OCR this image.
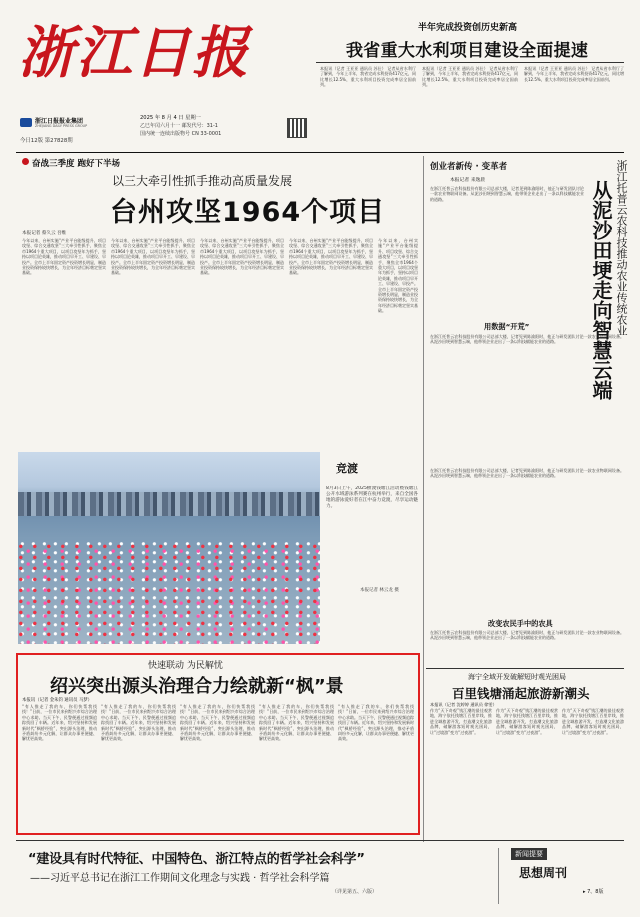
浙江日报
浙江日报报业集团
ZHEJIANG DAILY PRESS GROUP
2025 年 8 月 4 日 星期一
乙巳年闰六月十一 邮发代号：31-1
国内统一连续出版物号 CN 33-0001
今日12版 第27828期
半年完成投资创历史新高
我省重大水利项目建设全面提速
本报讯（记者 王亚亚 通讯员 苏仕） 记者从省水利厅了解到，今年上半年，我省完成水利投资417亿元，同比增长12.5%，重大水利项目投资完成率居全国前列。
本报讯（记者 王亚亚 通讯员 苏仕） 记者从省水利厅了解到，今年上半年，我省完成水利投资417亿元，同比增长12.5%，重大水利项目投资完成率居全国前列。
本报讯（记者 王亚亚 通讯员 苏仕） 记者从省水利厅了解到，今年上半年，我省完成水利投资417亿元，同比增长12.5%，重大水利项目投资完成率居全国前列。
奋战三季度 跑好下半场
以三大牵引性抓手推动高质量发展
台州攻坚1964个项目
本报记者 蔡久云 吾维
今年以来，台州实施“产业平台能级提升、项目攻坚、综合交通攻坚”三大牵引性抓手，聚焦全市1964个重大项目，以项目攻坚年为抓手，坚持以项目论英雄，推动项目早开工、早建设、早投产。全市上半年固定资产投资增长明显，制造业投资保持较快增长，为全年经济目标奠定坚实基础。
今年以来，台州实施“产业平台能级提升、项目攻坚、综合交通攻坚”三大牵引性抓手，聚焦全市1964个重大项目，以项目攻坚年为抓手，坚持以项目论英雄，推动项目早开工、早建设、早投产。全市上半年固定资产投资增长明显，制造业投资保持较快增长，为全年经济目标奠定坚实基础。
今年以来，台州实施“产业平台能级提升、项目攻坚、综合交通攻坚”三大牵引性抓手，聚焦全市1964个重大项目，以项目攻坚年为抓手，坚持以项目论英雄，推动项目早开工、早建设、早投产。全市上半年固定资产投资增长明显，制造业投资保持较快增长，为全年经济目标奠定坚实基础。
今年以来，台州实施“产业平台能级提升、项目攻坚、综合交通攻坚”三大牵引性抓手，聚焦全市1964个重大项目，以项目攻坚年为抓手，坚持以项目论英雄，推动项目早开工、早建设、早投产。全市上半年固定资产投资增长明显，制造业投资保持较快增长，为全年经济目标奠定坚实基础。
今年以来，台州实施“产业平台能级提升、项目攻坚、综合交通攻坚”三大牵引性抓手，聚焦全市1964个重大项目，以项目攻坚年为抓手，坚持以项目论英雄，推动项目早开工、早建设、早投产。全市上半年固定资产投资增长明显，制造业投资保持较快增长，为全年经济目标奠定坚实基础。
竞渡
8月3日上午，2025横渡钱塘江活动暨钱塘江公开水域游泳系列赛在杭州举行，来自全国各地的游泳爱好者在江中奋力竞渡，尽享运动魅力。
本报记者 林云龙 摄
快速联动 为民解忧
绍兴突出源头治理合力绘就新“枫”景
本报讯（记者 金朱钧 通讯员 马梦）
“有人推走了我的车，你们快帮我找找！”日前，一位市民来到绍兴市综合治理中心求助。当天下午，民警便通过视频追踪找回了车辆。近年来，绍兴坚持和发展新时代“枫桥经验”，突出源头治理，推动矛盾纠纷多元化解，让群众办事更便捷、解忧更高效。
“有人推走了我的车，你们快帮我找找！”日前，一位市民来到绍兴市综合治理中心求助。当天下午，民警便通过视频追踪找回了车辆。近年来，绍兴坚持和发展新时代“枫桥经验”，突出源头治理，推动矛盾纠纷多元化解，让群众办事更便捷、解忧更高效。
“有人推走了我的车，你们快帮我找找！”日前，一位市民来到绍兴市综合治理中心求助。当天下午，民警便通过视频追踪找回了车辆。近年来，绍兴坚持和发展新时代“枫桥经验”，突出源头治理，推动矛盾纠纷多元化解，让群众办事更便捷、解忧更高效。
“有人推走了我的车，你们快帮我找找！”日前，一位市民来到绍兴市综合治理中心求助。当天下午，民警便通过视频追踪找回了车辆。近年来，绍兴坚持和发展新时代“枫桥经验”，突出源头治理，推动矛盾纠纷多元化解，让群众办事更便捷、解忧更高效。
“有人推走了我的车，你们快帮我找找！”日前，一位市民来到绍兴市综合治理中心求助。当天下午，民警便通过视频追踪找回了车辆。近年来，绍兴坚持和发展新时代“枫桥经验”，突出源头治理，推动矛盾纠纷多元化解，让群众办事更便捷、解忧更高效。
创业者新传 · 变革者
本报记者 来逸晨	从泥沙田埂走向智慧云端 浙江托普云农科技推动农业传统农业
在浙江托普云农科技股份有限公司总部大楼，记者见到陈渝阳时，他正与研发团队讨论一款农业物联网设备。从泥沙田埂到智慧云端，他带领企业走出了一条以科技赋能农业的道路。
用数据“开荒”
在浙江托普云农科技股份有限公司总部大楼，记者见到陈渝阳时，他正与研发团队讨论一款农业物联网设备。从泥沙田埂到智慧云端，他带领企业走出了一条以科技赋能农业的道路。
在浙江托普云农科技股份有限公司总部大楼，记者见到陈渝阳时，他正与研发团队讨论一款农业物联网设备。从泥沙田埂到智慧云端，他带领企业走出了一条以科技赋能农业的道路。
改变农民手中的农具
在浙江托普云农科技股份有限公司总部大楼，记者见到陈渝阳时，他正与研发团队讨论一款农业物联网设备。从泥沙田埂到智慧云端，他带领企业走出了一条以科技赋能农业的道路。
海宁全域开发破解短时观光困局
百里钱塘涌起旅游新潮头
本报讯（记者 沈婷婷 通讯员 徐雯）
作为“天下奇观”钱江潮的最佳观赏地，海宁依托钱塘江百里岸线，推进全域旅游开发，打造潮文化旅游品牌，破解游客短时观光困局，让“过境游”变为“过夜游”。
作为“天下奇观”钱江潮的最佳观赏地，海宁依托钱塘江百里岸线，推进全域旅游开发，打造潮文化旅游品牌，破解游客短时观光困局，让“过境游”变为“过夜游”。
作为“天下奇观”钱江潮的最佳观赏地，海宁依托钱塘江百里岸线，推进全域旅游开发，打造潮文化旅游品牌，破解游客短时观光困局，让“过境游”变为“过夜游”。
“建设具有时代特征、中国特色、浙江特点的哲学社会科学”
——习近平总书记在浙江工作期间文化理念与实践 · 哲学社会科学篇
（详见第五、六版）
新闻提要
思想周刊
▸ 7、8版
